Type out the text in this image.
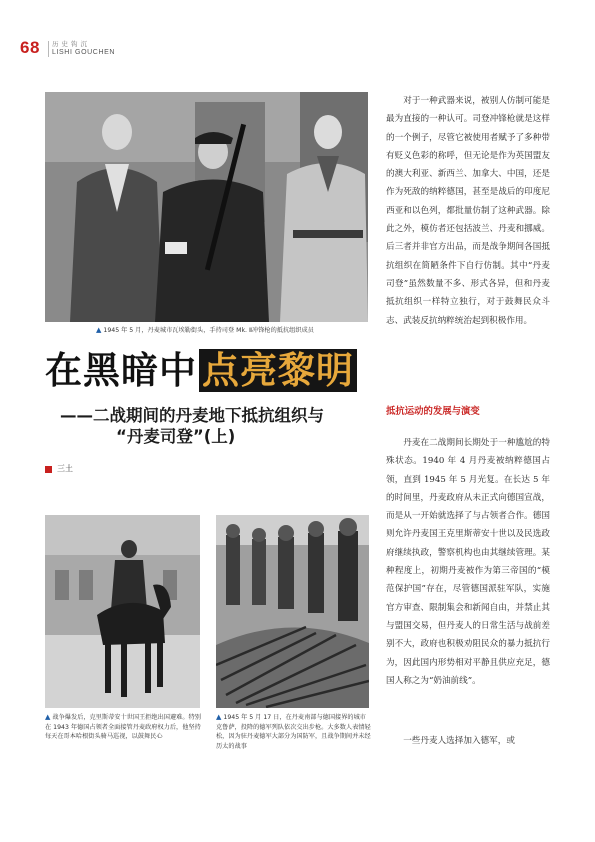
68 历史钩沉
LISHI GOUCHEN
▲ 1945 年 5 月，丹麦城市瓦埃勒街头，手持司登 Mk. Ⅱ冲锋枪的抵抗组织成员
在黑暗中 点亮黎明
——二战期间的丹麦地下抵抗组织与
“丹麦司登”(上)
三土
▲ 战争爆发后，克里斯蒂安十世国王拒绝出国避难。特别在 1943 年德国占领者全面接管丹麦政府权力后，他坚持每天在哥本哈根街头骑马巡视，以鼓舞民心
▲ 1945 年 5 月 17 日，在丹麦南部与德国接界的城市克鲁萨，投降的德军列队依次交出步枪。大多数人表情轻松，因为驻丹麦德军大部分为国防军，且战争期间并未经历太的战事

对于一种武器来说，被别人仿制可能是最为直接的一种认可。司登冲锋枪就是这样的一个例子，尽管它被使用者赋予了多种带有贬义色彩的称呼，但无论是作为英国盟友的澳大利亚、新西兰、加拿大、中国，还是作为死敌的纳粹德国，甚至是战后的印度尼西亚和以色列，都批量仿制了这种武器。除此之外，模仿者还包括波兰、丹麦和挪威。后三者并非官方出品，而是战争期间各国抵抗组织在简陋条件下自行仿制。其中“丹麦司登”虽然数量不多、形式各异，但和丹麦抵抗组织一样特立独行，对于鼓舞民众斗志、武装反抗纳粹统治起到积极作用。

抵抗运动的发展与演变

丹麦在二战期间长期处于一种尴尬的特殊状态。1940 年 4 月丹麦被纳粹德国占领，直到 1945 年 5 月光复。在长达 5 年的时间里，丹麦政府从未正式向德国宣战，而是从一开始就选择了与占领者合作。德国则允许丹麦国王克里斯蒂安十世以及民选政府继续执政，警察机构也由其继续管理。某种程度上，初期丹麦被作为第三帝国的“模范保护国”存在，尽管德国派驻军队，实施官方审查、限制集会和新闻自由，并禁止其与盟国交易，但丹麦人的日常生活与战前差别不大，政府也积极劝阻民众的暴力抵抗行为，因此国内形势相对平静且供应充足，德国人称之为“奶油前线”。

一些丹麦人选择加入德军，或
